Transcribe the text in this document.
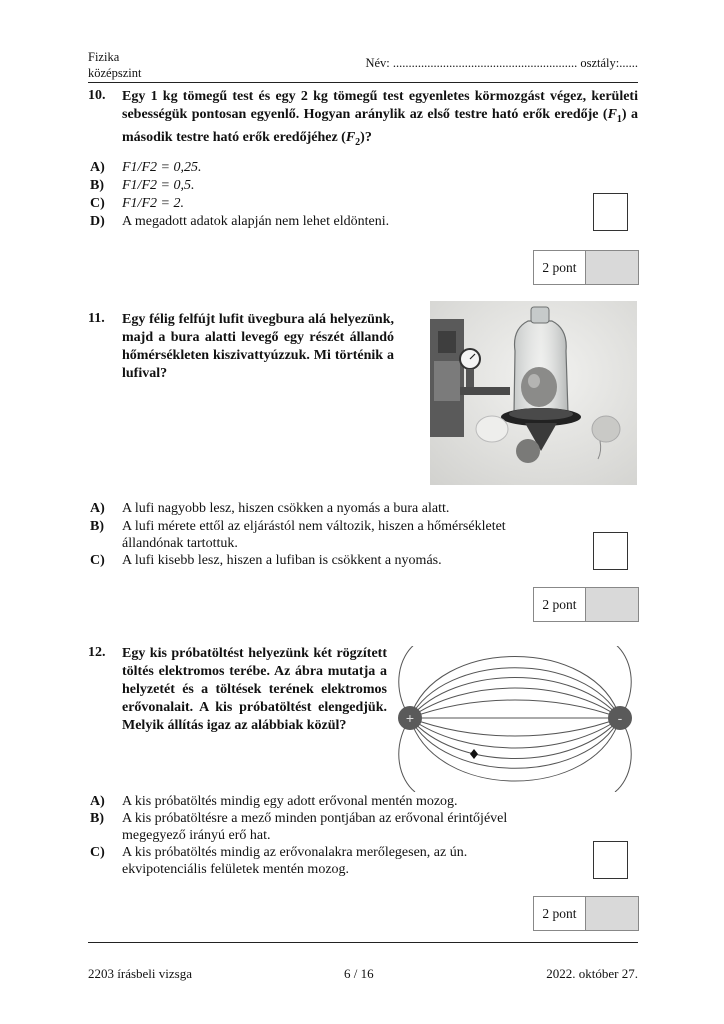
Fizika
középszint
Név: ........................................................... osztály:......
10. Egy 1 kg tömegű test és egy 2 kg tömegű test egyenletes körmozgást végez, kerületi sebességük pontosan egyenlő. Hogyan aránylik az első testre ható erők eredője $(F_1)$ a második testre ható erők eredőjéhez $(F_2)$?
A) F1/F2 = 0,25.
B) F1/F2 = 0,5.
C) F1/F2 = 2.
D) A megadott adatok alapján nem lehet eldönteni.
2 pont
11. Egy félig felfújt lufit üvegbura alá helyezünk, majd a bura alatti levegő egy részét állandó hőmérsékleten kiszivattyúzzuk. Mi történik a lufival?
A) A lufi nagyobb lesz, hiszen csökken a nyomás a bura alatt.
B) A lufi mérete ettől az eljárástól nem változik, hiszen a hőmérsékletet állandónak tartottuk.
C) A lufi kisebb lesz, hiszen a lufiban is csökkent a nyomás.
2 pont
12. Egy kis próbatöltést helyezünk két rögzített töltés elektromos terébe. Az ábra mutatja a helyzetét és a töltések terének elektromos erővonalait. A kis próbatöltést elengedjük. Melyik állítás igaz az alábbiak közül?	+	-
A) A kis próbatöltés mindig egy adott erővonal mentén mozog.
B) A kis próbatöltésre a mező minden pontjában az erővonal érintőjével megegyező irányú erő hat.
C) A kis próbatöltés mindig az erővonalakra merőlegesen, az ún. ekvipotenciális felületek mentén mozog.
2 pont
2203 írásbeli vizsga	6 / 16	2022. október 27.
